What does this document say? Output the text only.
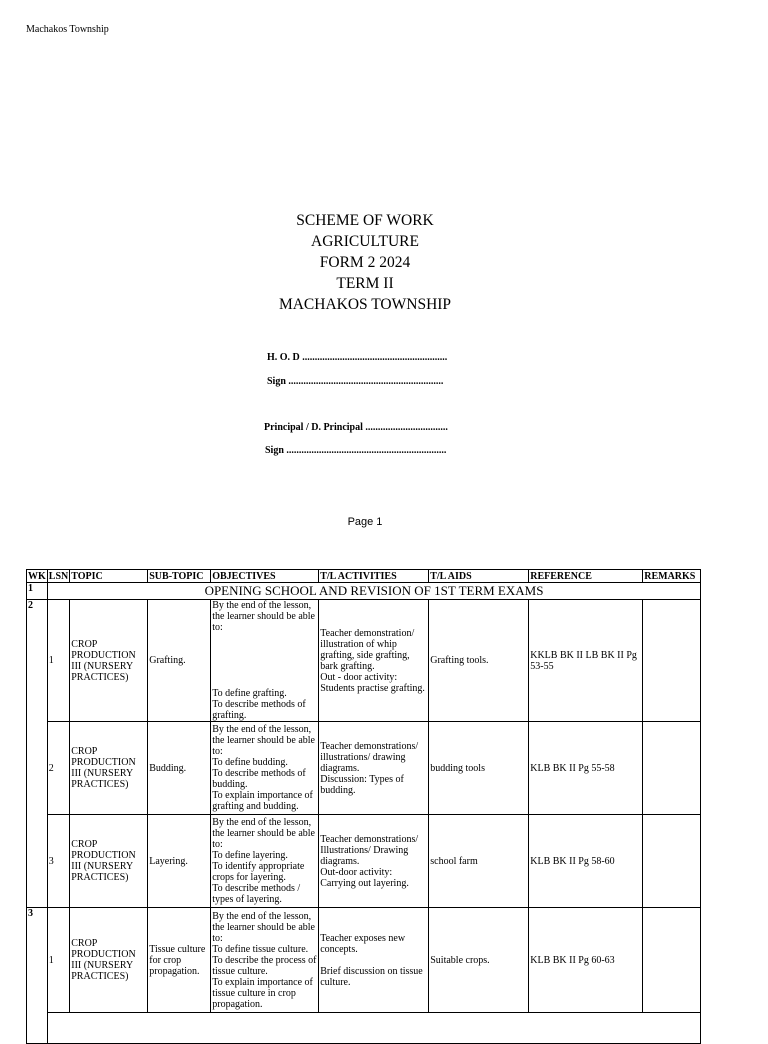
Machakos Township
SCHEME OF WORK
AGRICULTURE
FORM 2 2024
TERM II
MACHAKOS TOWNSHIP
H. O. D ..........................................................
Sign ..............................................................
Principal / D. Principal .................................
Sign ................................................................
Page 1
WK	LSN	TOPIC	SUB-TOPIC	OBJECTIVES	T/L ACTIVITIES	T/L AIDS	REFERENCE	REMARKS
1	OPENING SCHOOL AND REVISION OF 1ST TERM EXAMS							
2	1	CROP PRODUCTION III (NURSERY PRACTICES)	Grafting.	By the end of the lesson, the learner should be able to:

To define grafting.
To describe methods of grafting.	Teacher demonstration/ illustration of whip grafting, side grafting, bark grafting.
Out - door activity: Students practise grafting.	Grafting tools.	KKLB BK II LB BK II Pg 53-55	
	2	CROP PRODUCTION III (NURSERY PRACTICES)	Budding.	By the end of the lesson, the learner should be able to:
To define budding.
To describe methods of budding.
To explain importance of grafting and budding.	Teacher demonstrations/ illustrations/ drawing diagrams.
Discussion: Types of budding.	budding tools	KLB BK II Pg 55-58	
	3	CROP PRODUCTION III (NURSERY PRACTICES)	Layering.	By the end of the lesson, the learner should be able to:
To define layering.
To identify appropriate crops for layering.
To describe methods / types of layering.	Teacher demonstrations/ Illustrations/ Drawing diagrams.
Out-door activity: Carrying out layering.	school farm	KLB BK II Pg 58-60	
3	1	CROP PRODUCTION III (NURSERY PRACTICES)	Tissue culture for crop propagation.	By the end of the lesson, the learner should be able to:
To define tissue culture.
To describe the process of tissue culture.
To explain importance of tissue culture in crop propagation.	Teacher exposes new concepts.

Brief discussion on tissue culture.	Suitable crops.	KLB BK II Pg 60-63	
